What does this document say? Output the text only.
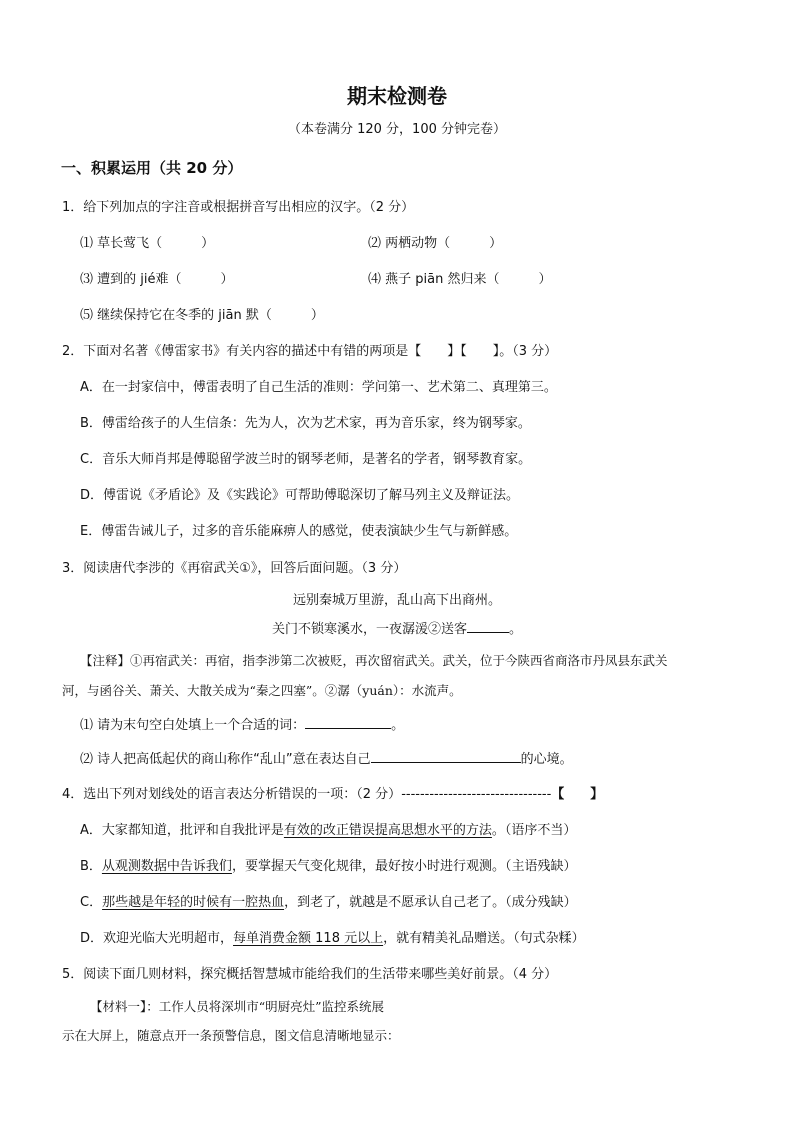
期末检测卷
（本卷满分 120 分，100 分钟完卷）
一、积累运用（共 20 分）
1．给下列加点的字注音或根据拼音写出相应的汉字。（2 分）
⑴ 草长莺飞（　　　）	⑵ 两栖动物（　　　）
⑶ 遭到的 jié难（　　　）	⑷ 燕子 piān 然归来（　　　）
⑸ 继续保持它在冬季的 jiān 默（　　　）
2．下面对名著《傅雷家书》有关内容的描述中有错的两项是【　　】【　　】。（3 分）
A．在一封家信中，傅雷表明了自己生活的准则：学问第一、艺术第二、真理第三。
B．傅雷给孩子的人生信条：先为人，次为艺术家，再为音乐家，终为钢琴家。
C．音乐大师肖邦是傅聪留学波兰时的钢琴老师，是著名的学者，钢琴教育家。
D．傅雷说《矛盾论》及《实践论》可帮助傅聪深切了解马列主义及辩证法。
E．傅雷告诫儿子，过多的音乐能麻痹人的感觉，使表演缺少生气与新鲜感。
3．阅读唐代李涉的《再宿武关①》，回答后面问题。（3 分）
远别秦城万里游，乱山高下出商州。
关门不锁寒溪水，一夜潺湲②送客	。
【注释】①再宿武关：再宿，指李涉第二次被贬，再次留宿武关。武关，位于今陕西省商洛市丹凤县东武关
河，与函谷关、萧关、大散关成为“秦之四塞”。②潺（yuán）：水流声。
⑴ 请为末句空白处填上一个合适的词：	。
⑵ 诗人把高低起伏的商山称作“乱山”意在表达自己	的心境。
4．选出下列对划线处的语言表达分析错误的一项：（2 分）--------------------------------【　　】
A．大家都知道，批评和自我批评是有效的改正错误提高思想水平的方法。（语序不当）
B．从观测数据中告诉我们，要掌握天气变化规律，最好按小时进行观测。（主语残缺）
C．那些越是年轻的时候有一腔热血，到老了，就越是不愿承认自己老了。（成分残缺）
D．欢迎光临大光明超市，每单消费金额 118 元以上，就有精美礼品赠送。（句式杂糅）
5．阅读下面几则材料，探究概括智慧城市能给我们的生活带来哪些美好前景。（4 分）
【材料一】：工作人员将深圳市“明厨亮灶”监控系统展
示在大屏上，随意点开一条预警信息，图文信息清晰地显示：
